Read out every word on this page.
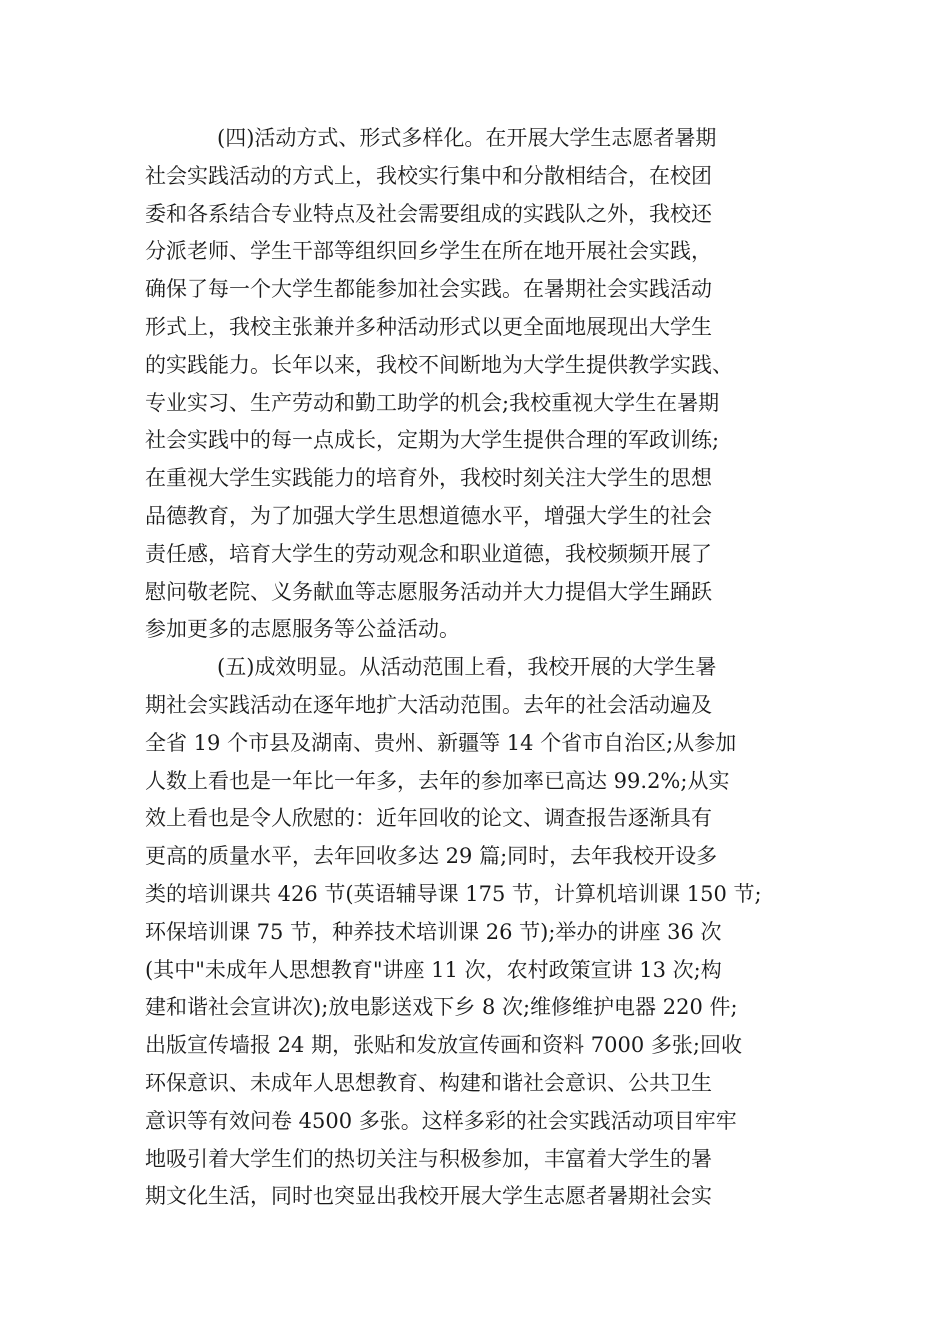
(四)活动方式、形式多样化。在开展大学生志愿者暑期
社会实践活动的方式上，我校实行集中和分散相结合，在校团
委和各系结合专业特点及社会需要组成的实践队之外，我校还
分派老师、学生干部等组织回乡学生在所在地开展社会实践，
确保了每一个大学生都能参加社会实践。在暑期社会实践活动
形式上，我校主张兼并多种活动形式以更全面地展现出大学生
的实践能力。长年以来，我校不间断地为大学生提供教学实践、
专业实习、生产劳动和勤工助学的机会;我校重视大学生在暑期
社会实践中的每一点成长，定期为大学生提供合理的军政训练;
在重视大学生实践能力的培育外，我校时刻关注大学生的思想
品德教育，为了加强大学生思想道德水平，增强大学生的社会
责任感，培育大学生的劳动观念和职业道德，我校频频开展了
慰问敬老院、义务献血等志愿服务活动并大力提倡大学生踊跃
参加更多的志愿服务等公益活动。
(五)成效明显。从活动范围上看，我校开展的大学生暑
期社会实践活动在逐年地扩大活动范围。去年的社会活动遍及
全省 19 个市县及湖南、贵州、新疆等 14 个省市自治区;从参加
人数上看也是一年比一年多，去年的参加率已高达 99.2%;从实
效上看也是令人欣慰的：近年回收的论文、调查报告逐渐具有
更高的质量水平，去年回收多达 29 篇;同时，去年我校开设多
类的培训课共 426 节(英语辅导课 175 节，计算机培训课 150 节;
环保培训课 75 节，种养技术培训课 26 节);举办的讲座 36 次
(其中"未成年人思想教育"讲座 11 次，农村政策宣讲 13 次;构
建和谐社会宣讲次);放电影送戏下乡 8 次;维修维护电器 220 件;
出版宣传墙报 24 期，张贴和发放宣传画和资料 7000 多张;回收
环保意识、未成年人思想教育、构建和谐社会意识、公共卫生
意识等有效问卷 4500 多张。这样多彩的社会实践活动项目牢牢
地吸引着大学生们的热切关注与积极参加，丰富着大学生的暑
期文化生活，同时也突显出我校开展大学生志愿者暑期社会实
